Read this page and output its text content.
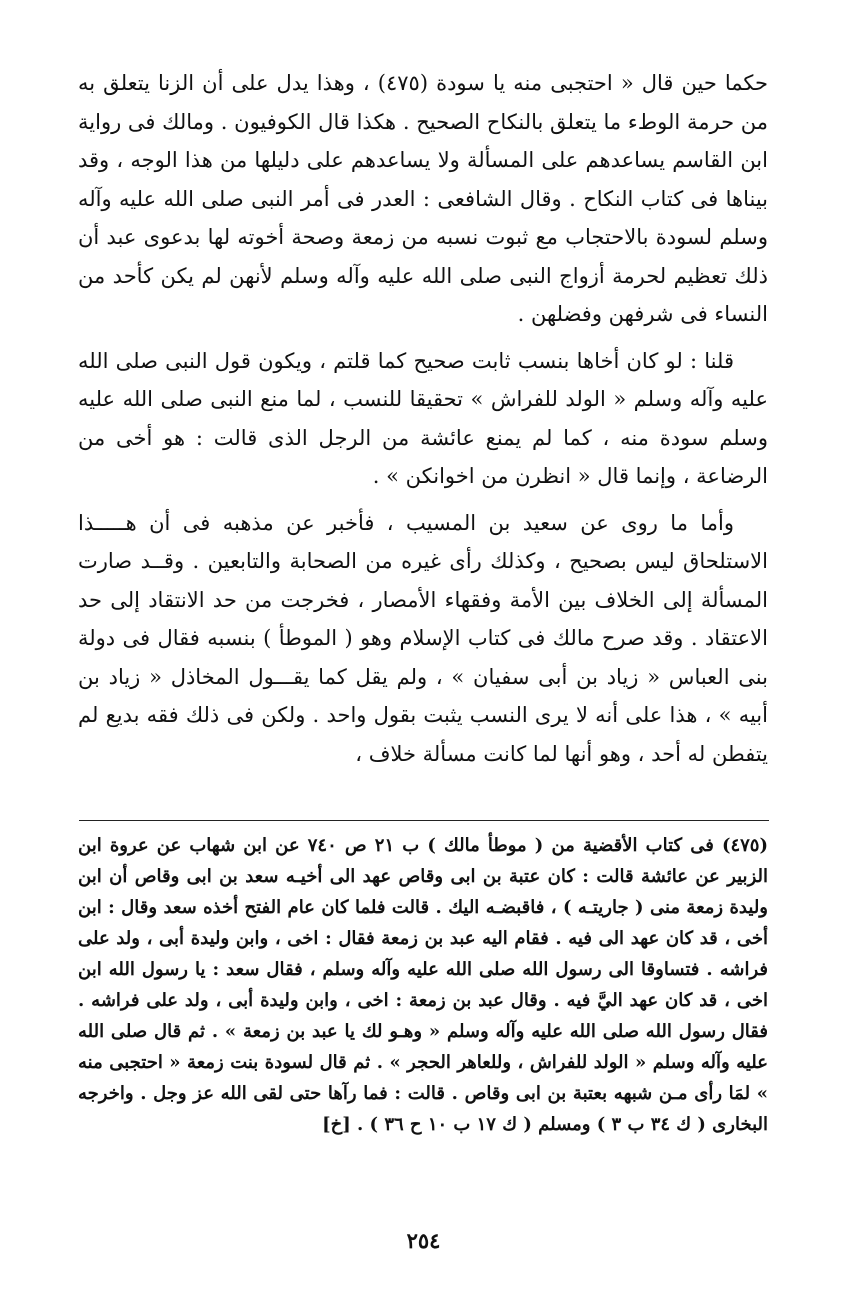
حكما حين قال « احتجبى منه يا سودة (٤٧٥) ، وهذا يدل على أن الزنا يتعلق به من حرمة الوطء ما يتعلق بالنكاح الصحيح . هكذا قال الكوفيون . ومالك فى رواية ابن القاسم يساعدهم على المسألة ولا يساعدهم على دليلها من هذا الوجه ، وقد بيناها فى كتاب النكاح . وقال الشافعى : العدر فى أمر النبى صلى الله عليه وآله وسلم لسودة بالاحتجاب مع ثبوت نسبه من زمعة وصحة أخوته لها بدعوى عبد أن ذلك تعظيم لحرمة أزواج النبى صلى الله عليه وآله وسلم لأنهن لم يكن كأحد من النساء فى شرفهن وفضلهن .

قلنا : لو كان أخاها بنسب ثابت صحيح كما قلتم ، ويكون قول النبى صلى الله عليه وآله وسلم « الولد للفراش » تحقيقا للنسب ، لما منع النبى صلى الله عليه وسلم سودة منه ، كما لم يمنع عائشة من الرجل الذى قالت : هو أخى من الرضاعة ، وإنما قال « انظرن من اخوانكن » .

وأما ما روى عن سعيد بن المسيب ، فأخبر عن مذهبه فى أن هـــــذا الاستلحاق ليس بصحيح ، وكذلك رأى غيره من الصحابة والتابعين . وقــد صارت المسألة إلى الخلاف بين الأمة وفقهاء الأمصار ، فخرجت من حد الانتقاد إلى حد الاعتقاد . وقد صرح مالك فى كتاب الإسلام وهو ( الموطأ ) بنسبه فقال فى دولة بنى العباس « زياد بن أبى سفيان » ، ولم يقل كما يقـــول المخاذل « زياد بن أبيه » ، هذا على أنه لا يرى النسب يثبت بقول واحد . ولكن فى ذلك فقه بديع لم يتفطن له أحد ، وهو أنها لما كانت مسألة خلاف ،

(٤٧٥) فى كتاب الأقضية من ( موطأ مالك ) ب ٢١ ص ٧٤٠ عن ابن شهاب عن عروة ابن الزبير عن عائشة قالت : كان عتبة بن ابى وقاص عهد الى أخيـه سعد بن ابى وقاص أن ابن وليدة زمعة منى ( جاريتـه ) ، فاقبضـه اليك . قالت فلما كان عام الفتح أخذه سعد وقال : ابن أخى ، قد كان عهد الى فيه . فقام اليه عبد بن زمعة فقال : اخى ، وابن وليدة أبى ، ولد على فراشه . فتساوقا الى رسول الله صلى الله عليه وآله وسلم ، فقال سعد : يا رسول الله ابن اخى ، قد كان عهد اليَّ فيه . وقال عبد بن زمعة : اخى ، وابن وليدة أبى ، ولد على فراشه . فقال رسول الله صلى الله عليه وآله وسلم « وهـو لك يا عبد بن زمعة » . ثم قال صلى الله عليه وآله وسلم « الولد للفراش ، وللعاهر الحجر » . ثم قال لسودة بنت زمعة « احتجبى منه » لمَا رأى مـن شبهه بعتبة بن ابى وقاص . قالت : فما رآها حتى لقى الله عز وجل . واخرجه البخارى ( ك ٣٤ ب ٣ ) ومسلم ( ك ١٧ ب ١٠ ح ٣٦ ) . [خ]

٢٥٤
